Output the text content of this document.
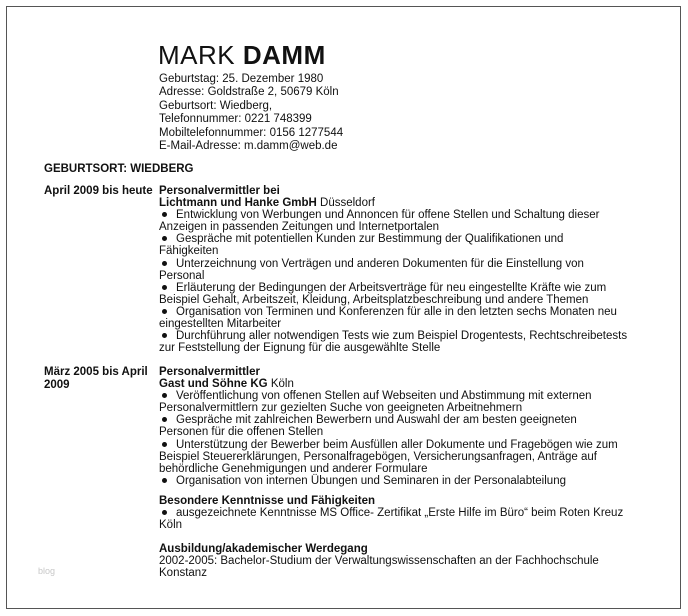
MARK DAMM
Geburtstag: 25. Dezember 1980
Adresse: Goldstraße 2, 50679 Köln
Geburtsort: Wiedberg,
Telefonnummer: 0221 748399
Mobiltelefonnummer: 0156 1277544
E-Mail-Adresse: m.damm@web.de
GEBURTSORT: WIEDBERG
April 2009 bis heute Personalvermittler bei
Lichtmann und Hanke GmbH Düsseldorf
Entwicklung von Werbungen und Annoncen für offene Stellen und Schaltung dieser
Anzeigen in passenden Zeitungen und Internetportalen
Gespräche mit potentiellen Kunden zur Bestimmung der Qualifikationen und
Fähigkeiten
Unterzeichnung von Verträgen und anderen Dokumenten für die Einstellung von
Personal
Erläuterung der Bedingungen der Arbeitsverträge für neu eingestellte Kräfte wie zum
Beispiel Gehalt, Arbeitszeit, Kleidung, Arbeitsplatzbeschreibung und andere Themen
Organisation von Terminen und Konferenzen für alle in den letzten sechs Monaten neu
eingestellten Mitarbeiter
Durchführung aller notwendigen Tests wie zum Beispiel Drogentests, Rechtschreibetests
zur Feststellung der Eignung für die ausgewählte Stelle
März 2005 bis April 2009
Personalvermittler
Gast und Söhne KG Köln
Veröffentlichung von offenen Stellen auf Webseiten und Abstimmung mit externen
Personalvermittlern zur gezielten Suche von geeigneten Arbeitnehmern
Gespräche mit zahlreichen Bewerbern und Auswahl der am besten geeigneten
Personen für die offenen Stellen
Unterstützung der Bewerber beim Ausfüllen aller Dokumente und Fragebögen wie zum
Beispiel Steuererklärungen, Personalfragebögen, Versicherungsanfragen, Anträge auf
behördliche Genehmigungen und anderer Formulare
Organisation von internen Übungen und Seminaren in der Personalabteilung
Besondere Kenntnisse und Fähigkeiten
ausgezeichnete Kenntnisse MS Office- Zertifikat „Erste Hilfe im Büro“ beim Roten Kreuz
Köln
Ausbildung/akademischer Werdegang
2002-2005: Bachelor-Studium der Verwaltungswissenschaften an der Fachhochschule
Konstanz
blog
